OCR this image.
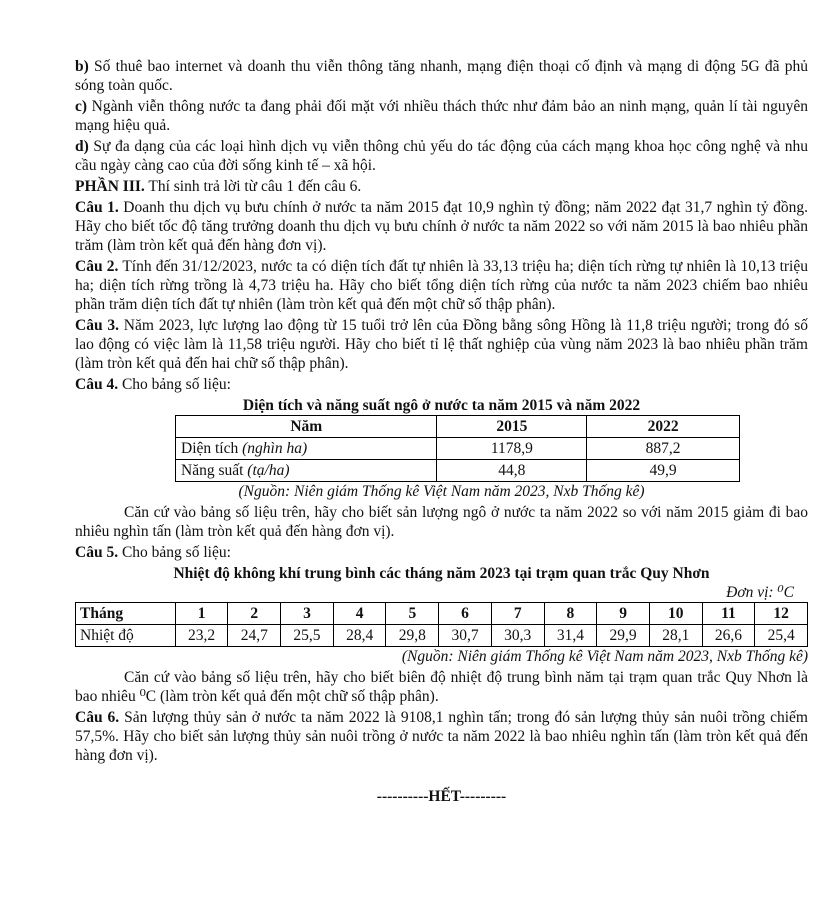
b) Số thuê bao internet và doanh thu viễn thông tăng nhanh, mạng điện thoại cố định và mạng di động 5G đã phủ sóng toàn quốc.

c) Ngành viễn thông nước ta đang phải đối mặt với nhiều thách thức như đảm bảo an ninh mạng, quản lí tài nguyên mạng hiệu quả.

d) Sự đa dạng của các loại hình dịch vụ viễn thông chủ yếu do tác động của cách mạng khoa học công nghệ và nhu cầu ngày càng cao của đời sống kinh tế – xã hội.

PHẦN III. Thí sinh trả lời từ câu 1 đến câu 6.

Câu 1. Doanh thu dịch vụ bưu chính ở nước ta năm 2015 đạt 10,9 nghìn tỷ đồng; năm 2022 đạt 31,7 nghìn tỷ đồng. Hãy cho biết tốc độ tăng trưởng doanh thu dịch vụ bưu chính ở nước ta năm 2022 so với năm 2015 là bao nhiêu phần trăm (làm tròn kết quả đến hàng đơn vị).

Câu 2. Tính đến 31/12/2023, nước ta có diện tích đất tự nhiên là 33,13 triệu ha; diện tích rừng tự nhiên là 10,13 triệu ha; diện tích rừng trồng là 4,73 triệu ha. Hãy cho biết tổng diện tích rừng của nước ta năm 2023 chiếm bao nhiêu phần trăm diện tích đất tự nhiên (làm tròn kết quả đến một chữ số thập phân).

Câu 3. Năm 2023, lực lượng lao động từ 15 tuổi trở lên của Đồng bằng sông Hồng là 11,8 triệu người; trong đó số lao động có việc làm là 11,58 triệu người. Hãy cho biết tỉ lệ thất nghiệp của vùng năm 2023 là bao nhiêu phần trăm (làm tròn kết quả đến hai chữ số thập phân).

Câu 4. Cho bảng số liệu:

Diện tích và năng suất ngô ở nước ta năm 2015 và năm 2022

Năm	2015	2022
Diện tích (nghìn ha)	1178,9	887,2
Năng suất (tạ/ha)	44,8	49,9

(Nguồn: Niên giám Thống kê Việt Nam năm 2023, Nxb Thống kê)

Căn cứ vào bảng số liệu trên, hãy cho biết sản lượng ngô ở nước ta năm 2022 so với năm 2015 giảm đi bao nhiêu nghìn tấn (làm tròn kết quả đến hàng đơn vị).

Câu 5. Cho bảng số liệu:

Nhiệt độ không khí trung bình các tháng năm 2023 tại trạm quan trắc Quy Nhơn

Đơn vị: ⁰C

Tháng	1	2	3	4	5	6	7	8	9	10	11	12
Nhiệt độ	23,2	24,7	25,5	28,4	29,8	30,7	30,3	31,4	29,9	28,1	26,6	25,4

(Nguồn: Niên giám Thống kê Việt Nam năm 2023, Nxb Thống kê)

Căn cứ vào bảng số liệu trên, hãy cho biết biên độ nhiệt độ trung bình năm tại trạm quan trắc Quy Nhơn là bao nhiêu ⁰C (làm tròn kết quả đến một chữ số thập phân).

Câu 6. Sản lượng thủy sản ở nước ta năm 2022 là 9108,1 nghìn tấn; trong đó sản lượng thủy sản nuôi trồng chiếm 57,5%. Hãy cho biết sản lượng thủy sản nuôi trồng ở nước ta năm 2022 là bao nhiêu nghìn tấn (làm tròn kết quả đến hàng đơn vị).

----------HẾT---------
